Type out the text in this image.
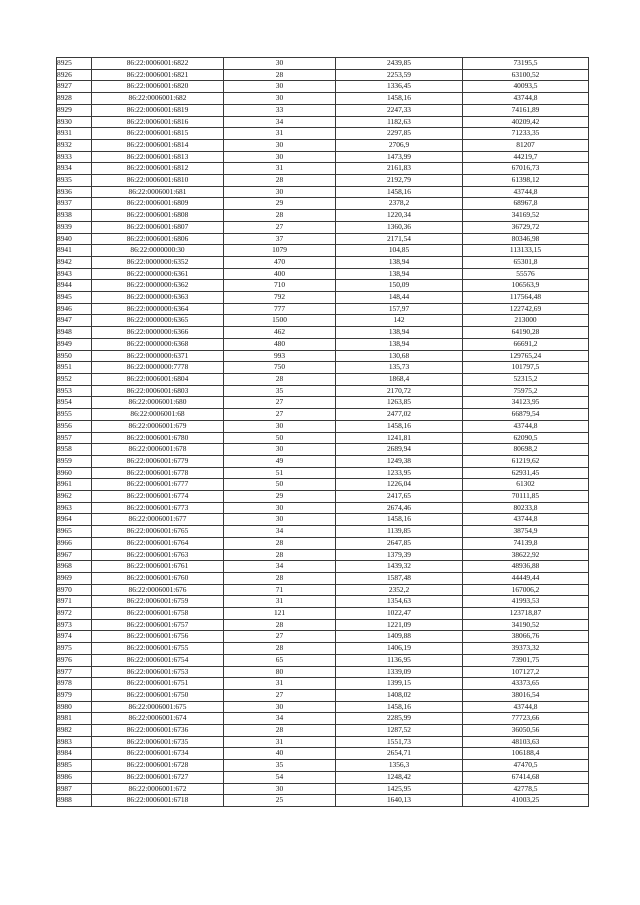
8925	86:22:0006001:6822	30	2439,85	73195,5
8926	86:22:0006001:6821	28	2253,59	63100,52
8927	86:22:0006001:6820	30	1336,45	40093,5
8928	86:22:0006001:682	30	1458,16	43744,8
8929	86:22:0006001:6819	33	2247,33	74161,89
8930	86:22:0006001:6816	34	1182,63	40209,42
8931	86:22:0006001:6815	31	2297,85	71233,35
8932	86:22:0006001:6814	30	2706,9	81207
8933	86:22:0006001:6813	30	1473,99	44219,7
8934	86:22:0006001:6812	31	2161,83	67016,73
8935	86:22:0006001:6810	28	2192,79	61398,12
8936	86:22:0006001:681	30	1458,16	43744,8
8937	86:22:0006001:6809	29	2378,2	68967,8
8938	86:22:0006001:6808	28	1220,34	34169,52
8939	86:22:0006001:6807	27	1360,36	36729,72
8940	86:22:0006001:6806	37	2171,54	80346,98
8941	86:22:0000000:30	1079	104,85	113133,15
8942	86:22:0000000:6352	470	138,94	65301,8
8943	86:22:0000000:6361	400	138,94	55576
8944	86:22:0000000:6362	710	150,09	106563,9
8945	86:22:0000000:6363	792	148,44	117564,48
8946	86:22:0000000:6364	777	157,97	122742,69
8947	86:22:0000000:6365	1500	142	213000
8948	86:22:0000000:6366	462	138,94	64190,28
8949	86:22:0000000:6368	480	138,94	66691,2
8950	86:22:0000000:6371	993	130,68	129765,24
8951	86:22:0000000:7778	750	135,73	101797,5
8952	86:22:0006001:6804	28	1868,4	52315,2
8953	86:22:0006001:6803	35	2170,72	75975,2
8954	86:22:0006001:680	27	1263,85	34123,95
8955	86:22:0006001:68	27	2477,02	66879,54
8956	86:22:0006001:679	30	1458,16	43744,8
8957	86:22:0006001:6780	50	1241,81	62090,5
8958	86:22:0006001:678	30	2689,94	80698,2
8959	86:22:0006001:6779	49	1249,38	61219,62
8960	86:22:0006001:6778	51	1233,95	62931,45
8961	86:22:0006001:6777	50	1226,04	61302
8962	86:22:0006001:6774	29	2417,65	70111,85
8963	86:22:0006001:6773	30	2674,46	80233,8
8964	86:22:0006001:677	30	1458,16	43744,8
8965	86:22:0006001:6765	34	1139,85	38754,9
8966	86:22:0006001:6764	28	2647,85	74139,8
8967	86:22:0006001:6763	28	1379,39	38622,92
8968	86:22:0006001:6761	34	1439,32	48936,88
8969	86:22:0006001:6760	28	1587,48	44449,44
8970	86:22:0006001:676	71	2352,2	167006,2
8971	86:22:0006001:6759	31	1354,63	41993,53
8972	86:22:0006001:6758	121	1022,47	123718,87
8973	86:22:0006001:6757	28	1221,09	34190,52
8974	86:22:0006001:6756	27	1409,88	38066,76
8975	86:22:0006001:6755	28	1406,19	39373,32
8976	86:22:0006001:6754	65	1136,95	73901,75
8977	86:22:0006001:6753	80	1339,09	107127,2
8978	86:22:0006001:6751	31	1399,15	43373,65
8979	86:22:0006001:6750	27	1408,02	38016,54
8980	86:22:0006001:675	30	1458,16	43744,8
8981	86:22:0006001:674	34	2285,99	77723,66
8982	86:22:0006001:6736	28	1287,52	36050,56
8983	86:22:0006001:6735	31	1551,73	48103,63
8984	86:22:0006001:6734	40	2654,71	106188,4
8985	86:22:0006001:6728	35	1356,3	47470,5
8986	86:22:0006001:6727	54	1248,42	67414,68
8987	86:22:0006001:672	30	1425,95	42778,5
8988	86:22:0006001:6718	25	1640,13	41003,25
